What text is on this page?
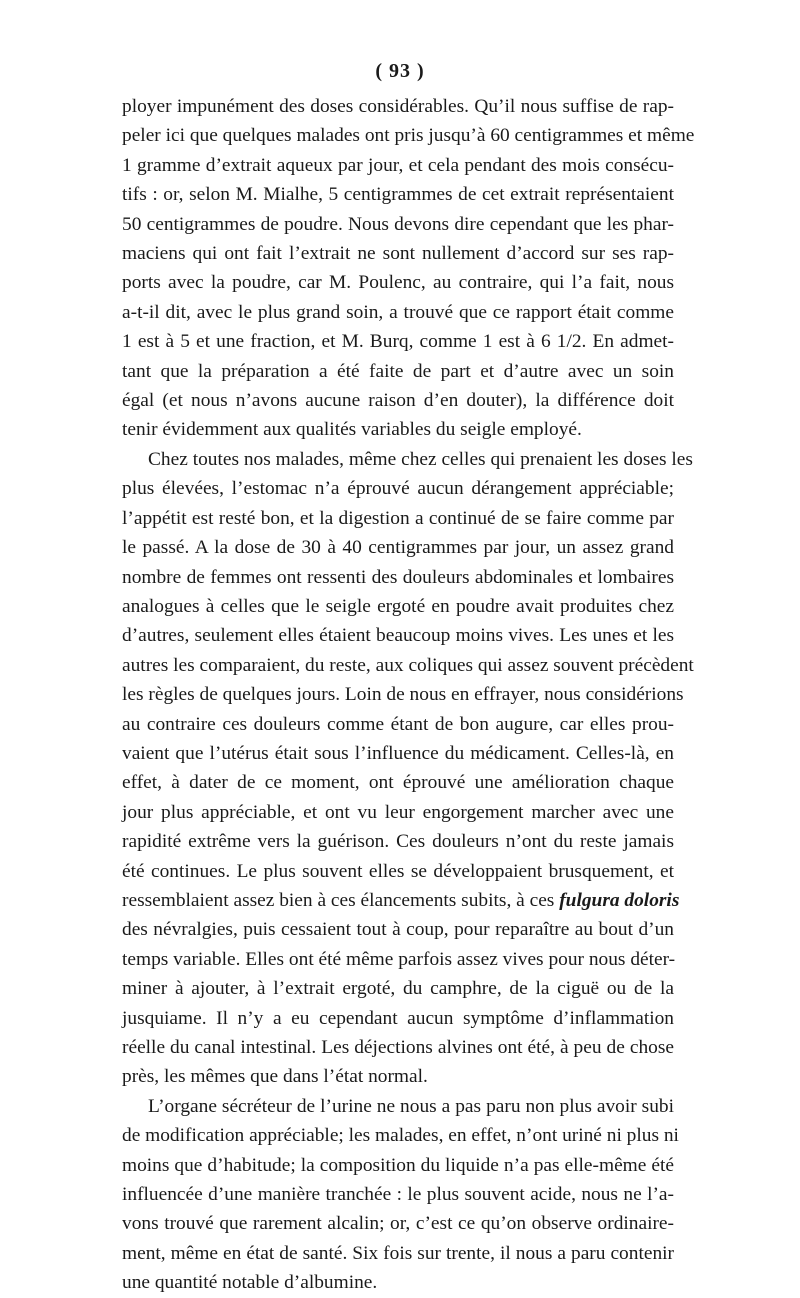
( 93 )

ployer impunément des doses considérables. Qu’il nous suffise de rap-
peler ici que quelques malades ont pris jusqu’à 60 centigrammes et même
1 gramme d’extrait aqueux par jour, et cela pendant des mois consécu-
tifs : or, selon M. Mialhe, 5 centigrammes de cet extrait représentaient
50 centigrammes de poudre. Nous devons dire cependant que les phar-
maciens qui ont fait l’extrait ne sont nullement d’accord sur ses rap-
ports avec la poudre, car M. Poulenc, au contraire, qui l’a fait, nous
a-t-il dit, avec le plus grand soin, a trouvé que ce rapport était comme
1 est à 5 et une fraction, et M. Burq, comme 1 est à 6 1/2. En admet-
tant que la préparation a été faite de part et d’autre avec un soin
égal (et nous n’avons aucune raison d’en douter), la différence doit
tenir évidemment aux qualités variables du seigle employé.

Chez toutes nos malades, même chez celles qui prenaient les doses les
plus élevées, l’estomac n’a éprouvé aucun dérangement appréciable;
l’appétit est resté bon, et la digestion a continué de se faire comme par
le passé. A la dose de 30 à 40 centigrammes par jour, un assez grand
nombre de femmes ont ressenti des douleurs abdominales et lombaires
analogues à celles que le seigle ergoté en poudre avait produites chez
d’autres, seulement elles étaient beaucoup moins vives. Les unes et les
autres les comparaient, du reste, aux coliques qui assez souvent précèdent
les règles de quelques jours. Loin de nous en effrayer, nous considérions
au contraire ces douleurs comme étant de bon augure, car elles prou-
vaient que l’utérus était sous l’influence du médicament. Celles-là, en
effet, à dater de ce moment, ont éprouvé une amélioration chaque
jour plus appréciable, et ont vu leur engorgement marcher avec une
rapidité extrême vers la guérison. Ces douleurs n’ont du reste jamais
été continues. Le plus souvent elles se développaient brusquement, et
ressemblaient assez bien à ces élancements subits, à ces fulgura doloris
des névralgies, puis cessaient tout à coup, pour reparaître au bout d’un
temps variable. Elles ont été même parfois assez vives pour nous déter-
miner à ajouter, à l’extrait ergoté, du camphre, de la ciguë ou de la
jusquiame. Il n’y a eu cependant aucun symptôme d’inflammation
réelle du canal intestinal. Les déjections alvines ont été, à peu de chose
près, les mêmes que dans l’état normal.

L’organe sécréteur de l’urine ne nous a pas paru non plus avoir subi
de modification appréciable; les malades, en effet, n’ont uriné ni plus ni
moins que d’habitude; la composition du liquide n’a pas elle-même été
influencée d’une manière tranchée : le plus souvent acide, nous ne l’a-
vons trouvé que rarement alcalin; or, c’est ce qu’on observe ordinaire-
ment, même en état de santé. Six fois sur trente, il nous a paru contenir
une quantité notable d’albumine.
